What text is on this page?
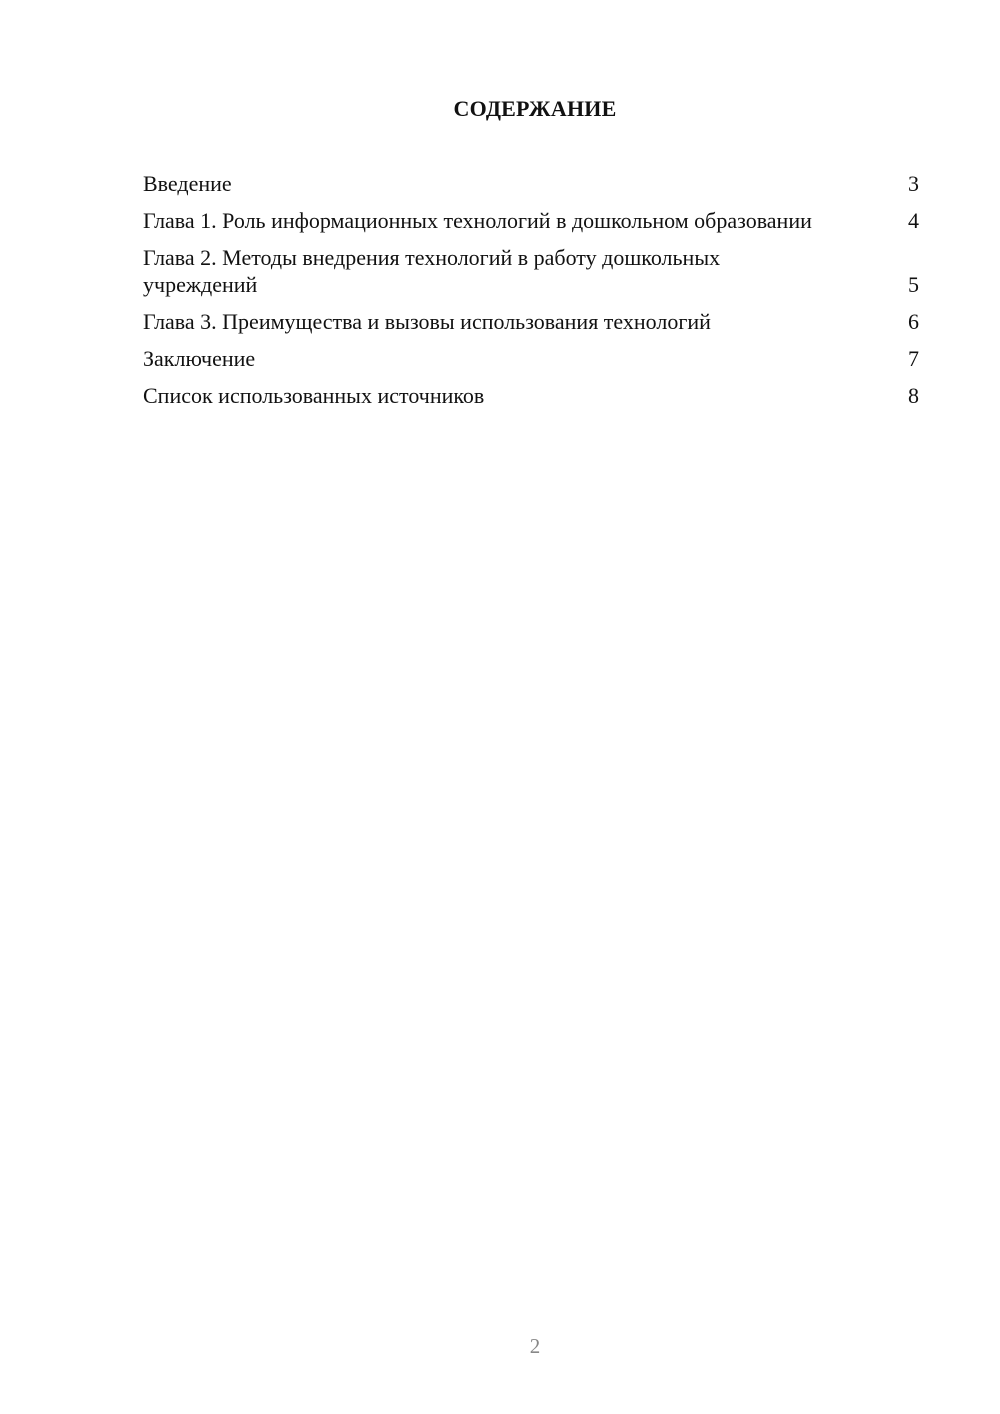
СОДЕРЖАНИЕ
Введение	3
Глава 1. Роль информационных технологий в дошкольном образовании	4
Глава 2. Методы внедрения технологий в работу дошкольных учреждений	5
Глава 3. Преимущества и вызовы использования технологий	6
Заключение	7
Список использованных источников	8
2
